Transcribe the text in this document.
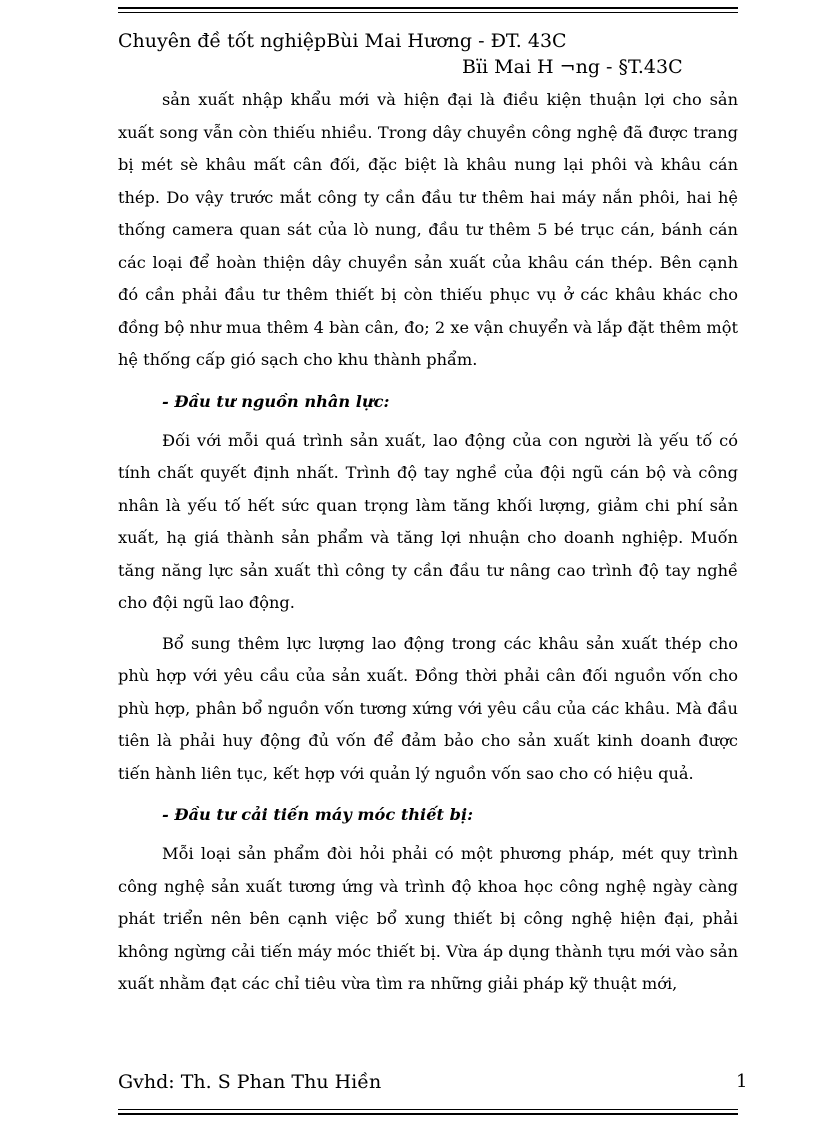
Chuyên đề tốt nghiệpBùi Mai Hương - ĐT. 43C
Bïi Mai H ¬ng - §T.43C

sản xuất nhập khẩu mới và hiện đại là điều kiện thuận lợi cho sản xuất song vẫn còn thiếu nhiều. Trong dây chuyền công nghệ đã được trang bị mét sè khâu mất cân đối, đặc biệt là khâu nung lại phôi và khâu cán thép. Do vậy trước mắt công ty cần đầu tư thêm hai máy nắn phôi, hai hệ thống camera quan sát của lò nung, đầu tư thêm 5 bé trục cán, bánh cán các loại để hoàn thiện dây chuyền sản xuất của khâu cán thép. Bên cạnh đó cần phải đầu tư thêm thiết bị còn thiếu phục vụ ở các khâu khác cho đồng bộ như mua thêm 4 bàn cân, đo; 2 xe vận chuyển và lắp đặt thêm một hệ thống cấp gió sạch cho khu thành phẩm.

- Đầu tư nguồn nhân lực:

Đối với mỗi quá trình sản xuất, lao động của con người là yếu tố có tính chất quyết định nhất. Trình độ tay nghề của đội ngũ cán bộ và công nhân là yếu tố hết sức quan trọng làm tăng khối lượng, giảm chi phí sản xuất, hạ giá thành sản phẩm và tăng lợi nhuận cho doanh nghiệp. Muốn tăng năng lực sản xuất thì công ty cần đầu tư nâng cao trình độ tay nghề cho đội ngũ lao động.

Bổ sung thêm lực lượng lao động trong các khâu sản xuất thép cho phù hợp với yêu cầu của sản xuất. Đồng thời phải cân đối nguồn vốn cho phù hợp, phân bổ nguồn vốn tương xứng với yêu cầu của các khâu. Mà đầu tiên là phải huy động đủ vốn để đảm bảo cho sản xuất kinh doanh được tiến hành liên tục, kết hợp với quản lý nguồn vốn sao cho có hiệu quả.

- Đầu tư cải tiến máy móc thiết bị:

Mỗi loại sản phẩm đòi hỏi phải có một phương pháp, mét quy trình công nghệ sản xuất tương ứng và trình độ khoa học công nghệ ngày càng phát triển nên bên cạnh việc bổ xung thiết bị công nghệ hiện đại, phải không ngừng cải tiến máy móc thiết bị. Vừa áp dụng thành tựu mới vào sản xuất nhằm đạt các chỉ tiêu vừa tìm ra những giải pháp kỹ thuật mới,

Gvhd: Th. S Phan Thu Hiền	1
